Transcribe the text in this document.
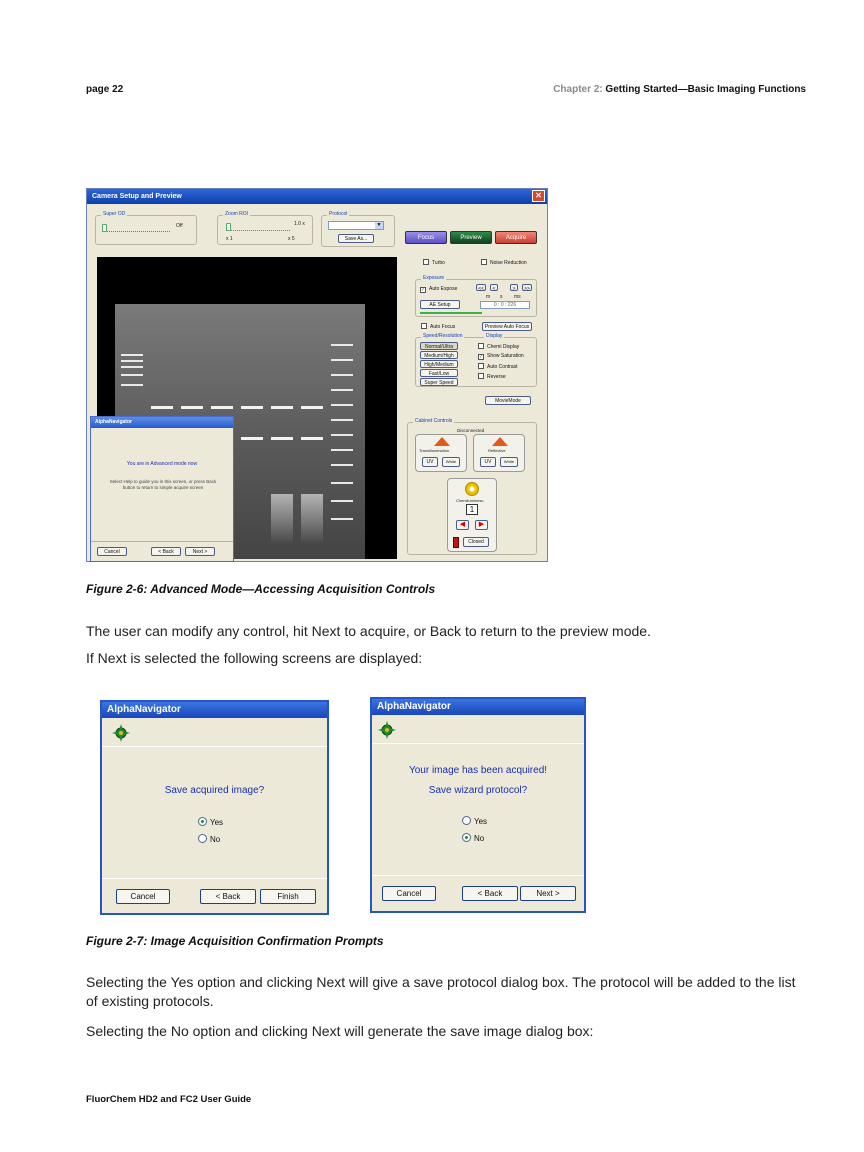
page 22	Chapter 2: Getting Started—Basic Imaging Functions
Camera Setup and Preview	✕
Super OD
Off
Zoom ROI
1.0 x
x 1	x 5
Protocol
▼
Save As...	Focus	Preview	Acquire
Turbo	Noise Reduction
Exposure
✓ Auto Expose
AE Setup
<<	<	>	>>
m s ms
0 : 0 : 226
Auto Focus	Preview Auto Focus
Speed/Resolution	Display
Normal/Ultra
Medium/High
High/Medium
Fast/Low
Super Speed
Chemi Display
✓ Show Saturation
Auto Contrast
Reverse
MovieMode
AlphaNavigator
You are in Advanced mode now
Select Help to guide you in this screen, or press Back button to return to simple acquire screen
Cancel	< Back	Next >
Cabinet Controls
Disconnected
Transillumination
UV	White
Reflective
UV	White
Chemiluminesc.
1
◀	▶
Closed
Figure 2-6: Advanced Mode—Accessing Acquisition Controls
The user can modify any control, hit Next to acquire, or Back to return to the preview mode.
If Next is selected the following screens are displayed:
AlphaNavigator
Save acquired image?
Yes
No
Cancel	< Back	Finish
AlphaNavigator
Your image has been acquired!
Save wizard protocol?
Yes
No
Cancel	< Back	Next >
Figure 2-7: Image Acquisition Confirmation Prompts
Selecting the Yes option and clicking Next will give a save protocol dialog box. The protocol will be added to the list of existing protocols.
Selecting the No option and clicking Next will generate the save image dialog box:
FluorChem HD2 and FC2 User Guide
